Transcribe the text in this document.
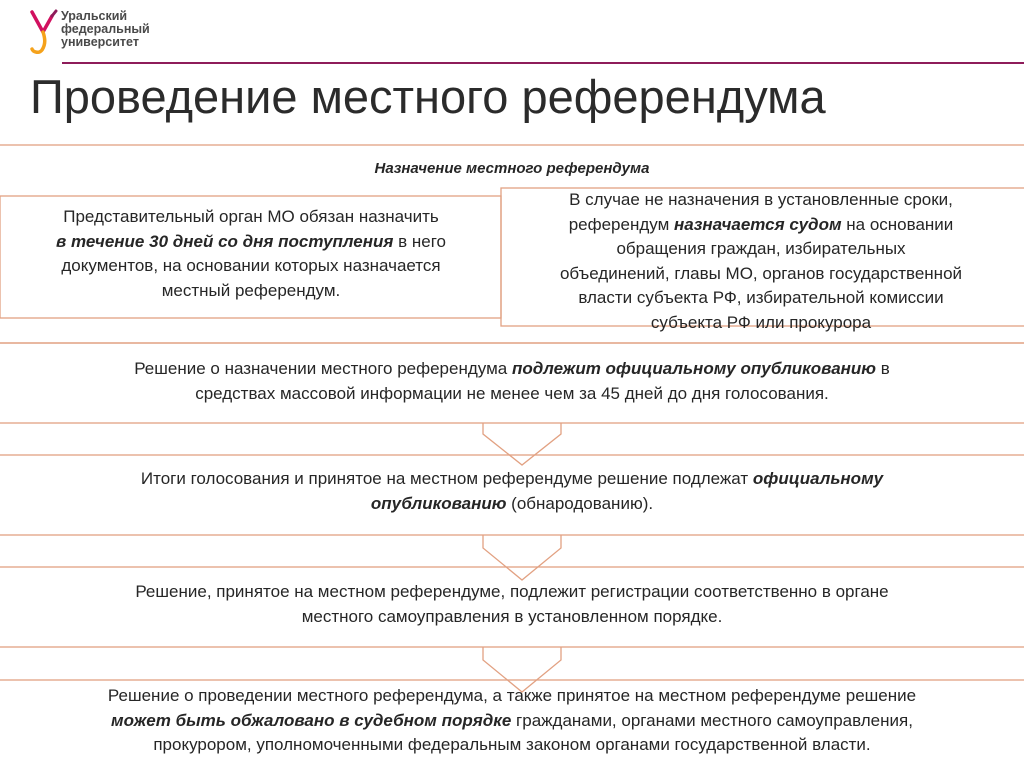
Уральский
федеральный
университет
Проведение местного референдума
Назначение местного референдума
Представительный орган МО обязан назначить
в течение 30 дней со дня поступления в него
документов, на основании которых назначается
местный референдум.
В случае не назначения в установленные сроки,
референдум назначается судом на основании
обращения граждан, избирательных
объединений, главы МО, органов государственной
власти субъекта РФ, избирательной комиссии
субъекта РФ или прокурора
Решение о назначении местного референдума подлежит официальному опубликованию в
средствах массовой информации не менее чем за 45 дней до дня голосования.
Итоги голосования и принятое на местном референдуме решение подлежат официальному
опубликованию (обнародованию).
Решение, принятое на местном референдуме, подлежит регистрации соответственно в органе
местного самоуправления в установленном порядке.
Решение о проведении местного референдума, а также принятое на местном референдуме решение
может быть обжаловано в судебном порядке гражданами, органами местного самоуправления,
прокурором, уполномоченными федеральным законом органами государственной власти.
